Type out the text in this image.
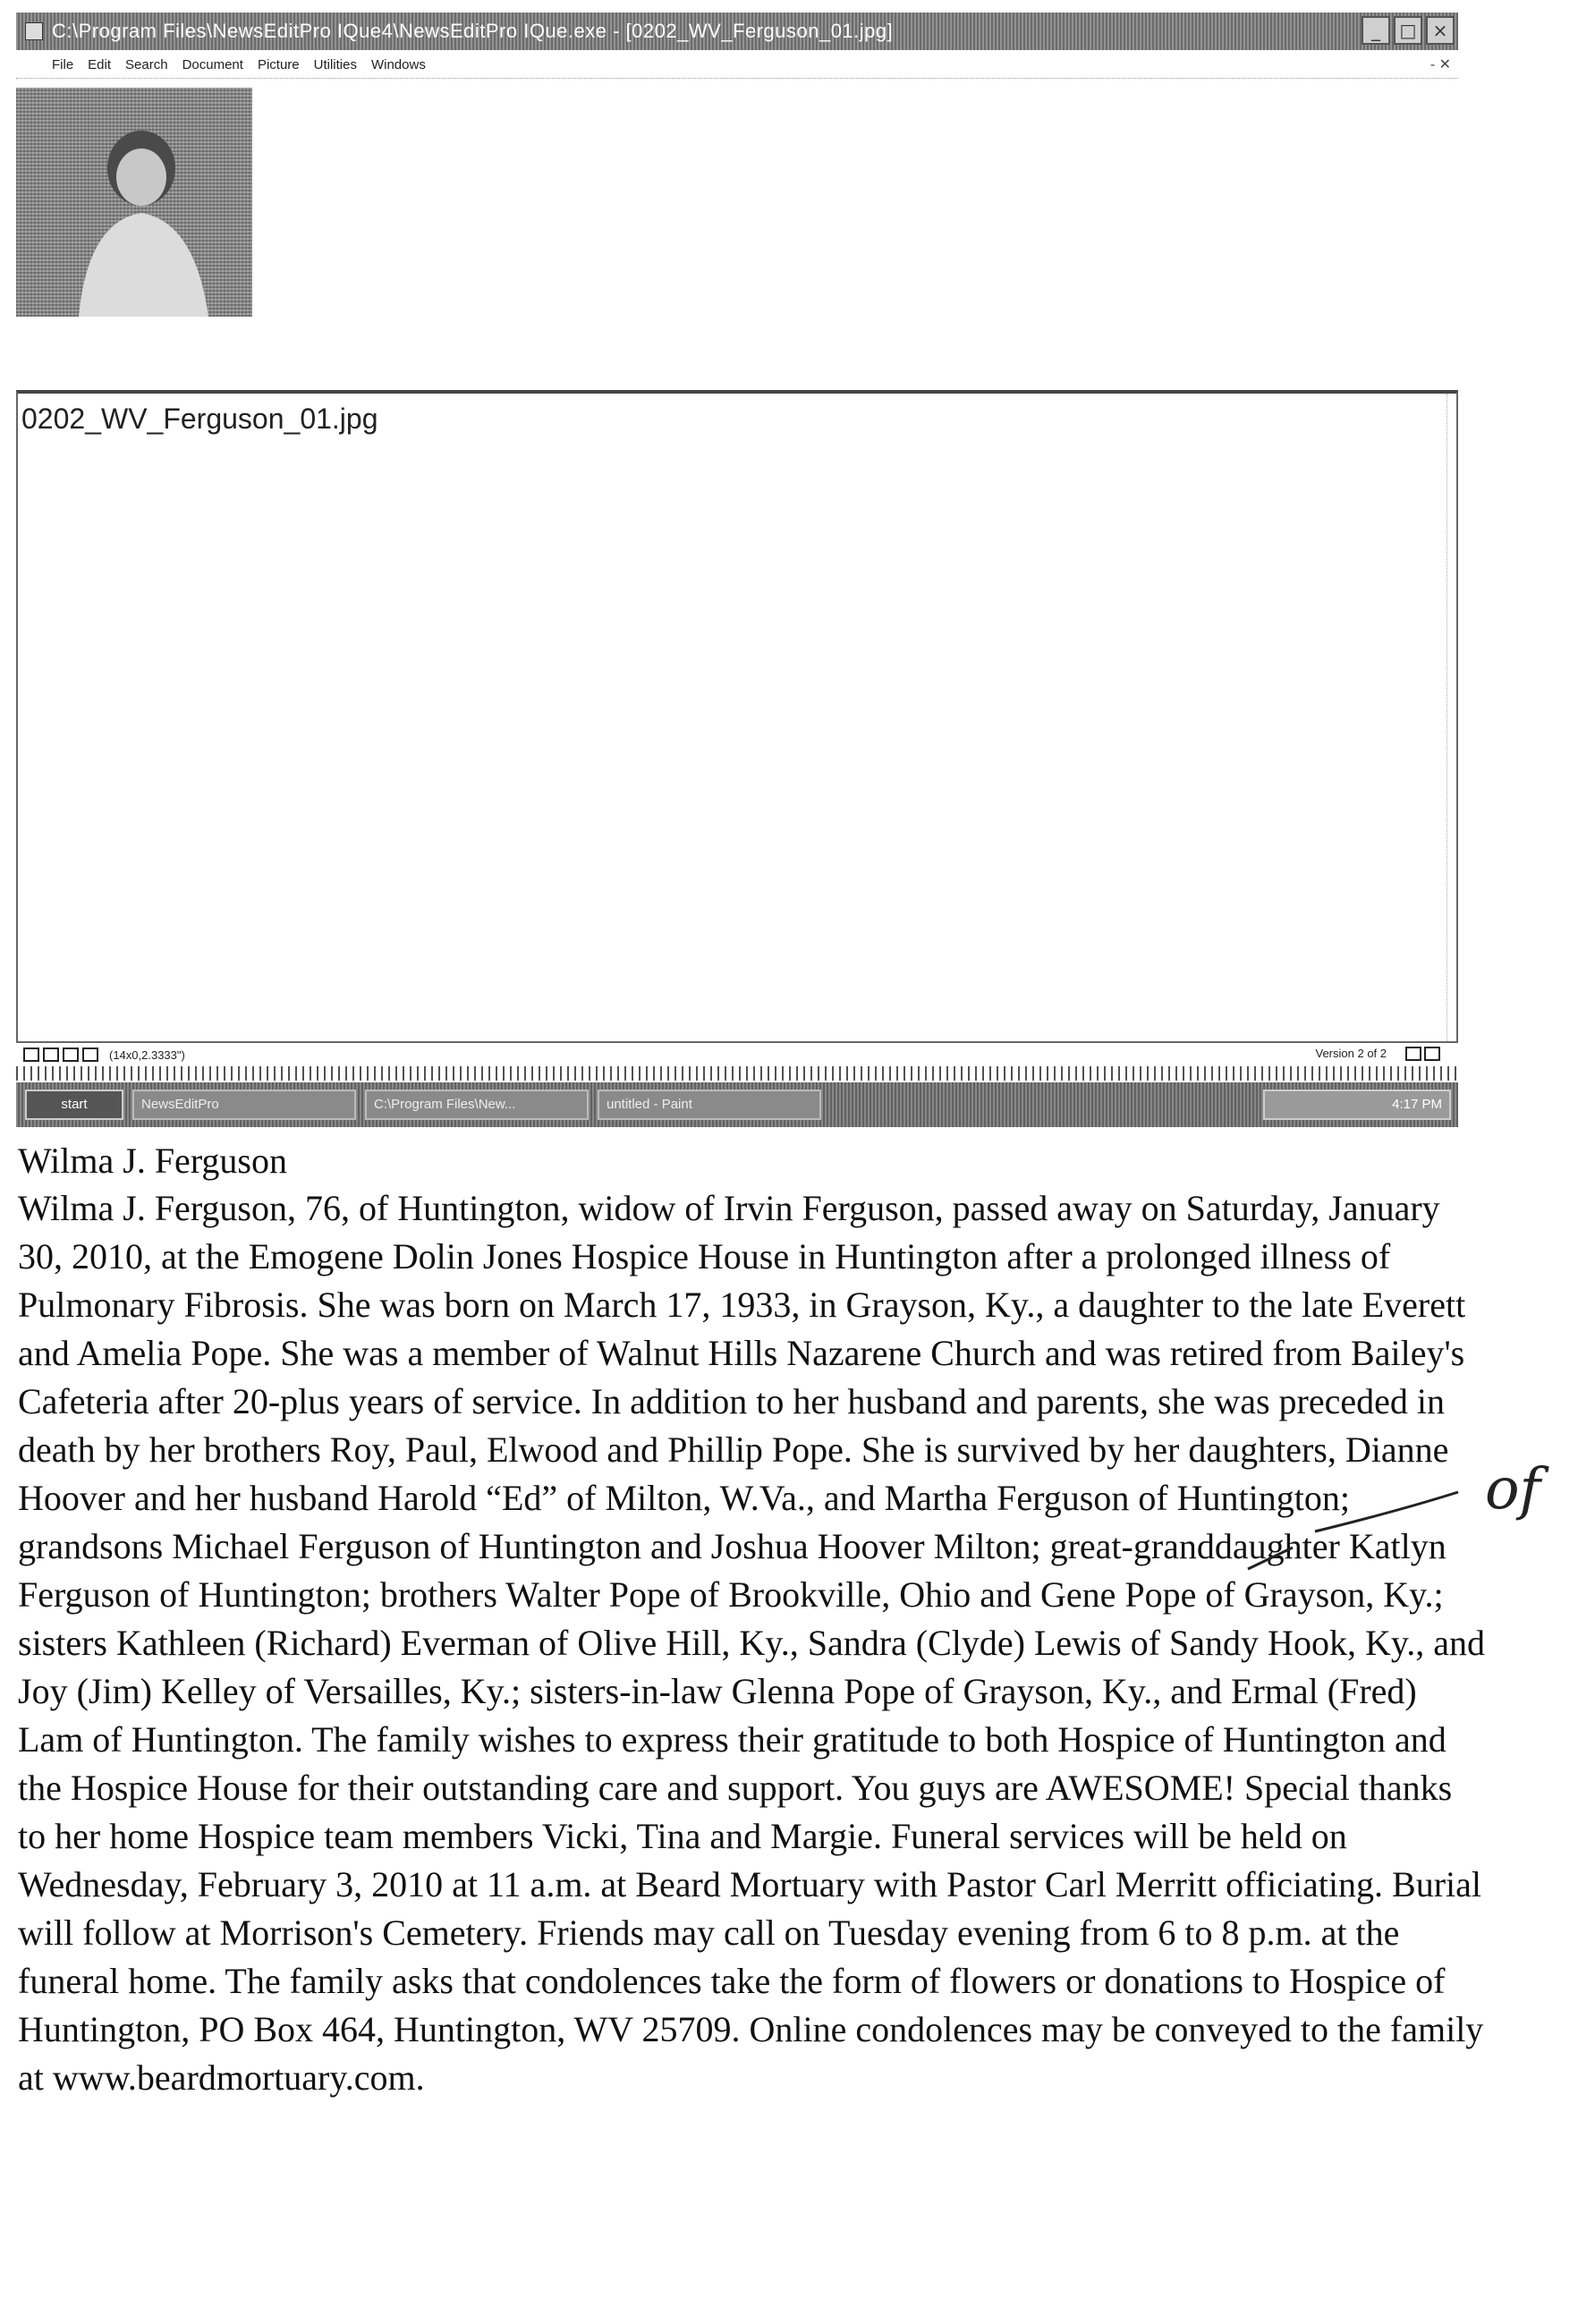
C:\Program Files\NewsEditPro IQue4\NewsEditPro IQue.exe - [0202_WV_Ferguson_01.jpg]	_	□ ×
File Edit Search Document Picture Utilities Windows	- ✕
0202_WV_Ferguson_01.jpg
(14x0,2.3333")	Version 2 of 2
start	NewsEditPro	C:\Program Files\New...	untitled - Paint	4:17 PM
Wilma J. Ferguson

Wilma J. Ferguson, 76, of Huntington, widow of Irvin Ferguson, passed away on Saturday, January 30, 2010, at the Emogene Dolin Jones Hospice House in Huntington after a prolonged illness of Pulmonary Fibrosis. She was born on March 17, 1933, in Grayson, Ky., a daughter to the late Everett and Amelia Pope. She was a member of Walnut Hills Nazarene Church and was retired from Bailey's Cafeteria after 20-plus years of service. In addition to her husband and parents, she was preceded in death by her brothers Roy, Paul, Elwood and Phillip Pope. She is survived by her daughters, Dianne Hoover and her husband Harold “Ed” of Milton, W.Va., and Martha Ferguson of Huntington; grandsons Michael Ferguson of Huntington and Joshua Hoover Milton; great-granddaughter Katlyn Ferguson of Huntington; brothers Walter Pope of Brookville, Ohio and Gene Pope of Grayson, Ky.; sisters Kathleen (Richard) Everman of Olive Hill, Ky., Sandra (Clyde) Lewis of Sandy Hook, Ky., and Joy (Jim) Kelley of Versailles, Ky.; sisters-in-law Glenna Pope of Grayson, Ky., and Ermal (Fred) Lam of Huntington. The family wishes to express their gratitude to both Hospice of Huntington and the Hospice House for their outstanding care and support. You guys are AWESOME! Special thanks to her home Hospice team members Vicki, Tina and Margie. Funeral services will be held on Wednesday, February 3, 2010 at 11 a.m. at Beard Mortuary with Pastor Carl Merritt officiating. Burial will follow at Morrison's Cemetery. Friends may call on Tuesday evening from 6 to 8 p.m. at the funeral home. The family asks that condolences take the form of flowers or donations to Hospice of Huntington, PO Box 464, Huntington, WV 25709. Online condolences may be conveyed to the family at www.beardmortuary.com.

of
